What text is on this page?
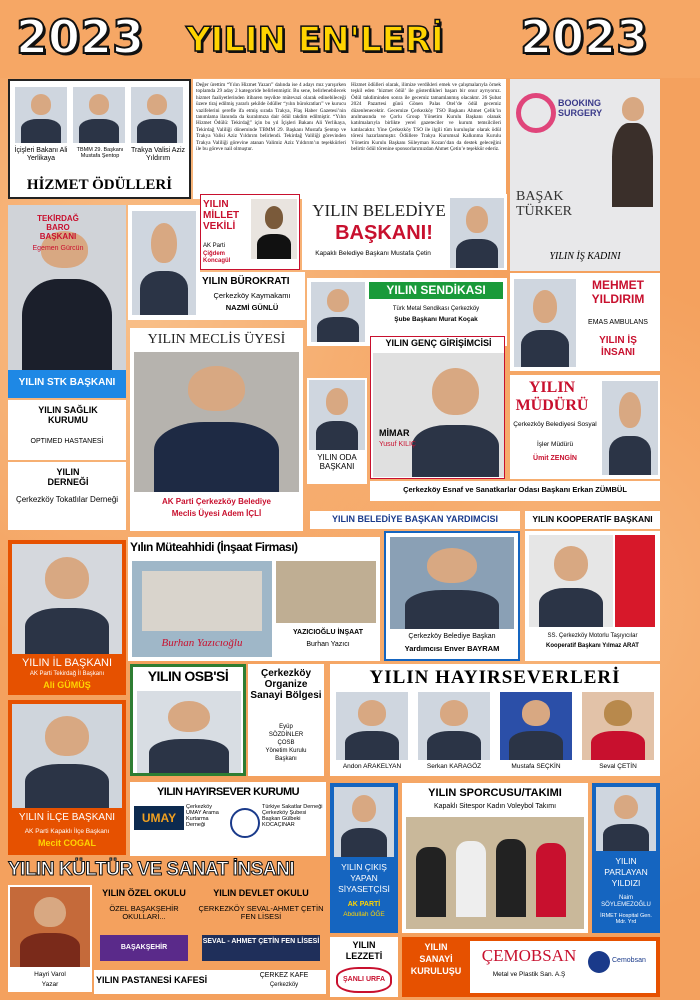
2023 YILIN EN'LERİ 2023
İçişleri Bakanı Ali Yerlikaya
TBMM 29. Başkanı Mustafa Şentop
Trakya Valisi Aziz Yıldırım
HİZMET ÖDÜLLERİ
Değer ürettim “Yılın Hizmet Yazarı” dalında ise 4 adayı mız yarışırken toplamda 29 aday 2 kategoride belirlenmiştir. Bu sene, belirlenebilecek hizmet faaliyetlerinden itibaren teşvikte mütevazi olarak edinebileceği üzere tiraj edilmiş yararlı şekilde ödüller “yılın bürokratları” ve kurucu vazifelerini şerefle ifa etmiş sırada Trakya, Flaş Haber Gazetesi’nin tanımlama ilanında da kuralımıza dair ödül takdim edilmiştir. “Yılın Hizmet Ödülü: Tekirdağ” için bu yıl İçişleri Bakanı Ali Yerlikaya, Tekirdağ Valiliği döneminde TBMM 29. Başkanı Mustafa Şentop ve Trakya Valisi Aziz Yıldırım belirlendi. Tekirdağ Valiliği görevinden Trakya Valiliği görevine atanan Valimiz Aziz Yıldırım’ın teşekkürleri ile bu göreve nail olmuştur.
Hizmet ödülleri olarak, ilimize verdikleri emek ve çalışmalarıyla örnek teşkil eden ‘hizmet ödül’ ile gösterdikleri başarı bir onur ayrıyoruz. Ödül takdiminden sonra ile gecemiz tamamlanmış olacaktır. 26 Şubat 2024 Pazartesi günü Gönen Palas Otel’de ödül gecemiz düzenlenecektir. Gecemize Çerkezköy TSO Başkanı Ahmet Çelik’in anılmasında ve Çorlu Group Yönetim Kurulu Başkanı olanak katılmalarıyla birlikte yerel gazeteciler ve kurum temsilcileri katılacaktır. Yine Çerkezköy TSO ile ilgili tüm kuruluşlar olarak ödül töreni hazırlanmıştır. Ödüllere Trakya Kurumsal Kalkınma Kurulu Yönetim Kurulu Başkanı Süleyman Kozan’dan da destek geleceğini belirtir ödül törenine sponsorlarımızdan Ahmet Çetin’e teşekkür ederiz.
BOOKING SURGERY
BAŞAK TÜRKER
YILIN İŞ KADINI
TEKİRDAĞ BARO BAŞKANI
Egemen Gürcün
YILIN STK BAŞKANI
YILIN MİLLET VEKİLİ
AK Parti
Çiğdem Koncagül
YILIN BELEDİYE
BAŞKANI!
Kapaklı Belediye Başkanı Mustafa Çetin
YILIN BÜROKRATI
Çerkezköy Kaymakamı
NAZMİ GÜNLÜ
YILIN SENDİKASI
Türk Metal Sendikası Çerkezköy
Şube Başkanı Murat Koçak
MEHMET
YILDIRIM
EMAS AMBULANS
YILIN İŞ
İNSANI
YILIN MECLİS ÜYESİ
AK Parti Çerkezköy Belediye
Meclis Üyesi Adem İÇLİ
YILIN ODA BAŞKANI
YILIN GENÇ GİRİŞİMCİSİ
MİMAR
Yusuf KILIÇ
YILIN
MÜDÜRÜ
Çerkezköy Belediyesi Sosyal
İşler Müdürü
Ümit ZENGİN
Çerkezköy Esnaf ve Sanatkarlar Odası Başkanı Erkan ZÜMBÜL
YILIN SAĞLIK KURUMU
OPTIMED HASTANESİ
YILIN DERNEĞİ
Çerkezköy Tokatlılar Derneği
Yılın Müteahhidi (İnşaat Firması)
Burhan Yazıcıoğlu
YAZICIOĞLU İNŞAAT
Burhan Yazıcı
YILIN BELEDİYE BAŞKAN YARDIMCISI
Çerkezköy Belediye Başkan
Yardımcısı Enver BAYRAM
YILIN KOOPERATİF BAŞKANI
SS. Çerkezköy Motorlu Taşıyıcılar
Kooperatif Başkanı Yılmaz ARAT
YILIN İL BAŞKANI
AK Parti Tekirdağ İl Başkanı
Ali GÜMÜŞ
YILIN OSB'Sİ	Çerkezköy Organize Sanayi Bölgesi
Eyüp
SÖZDİNLER
ÇOSB
Yönetim Kurulu
Başkanı
YILIN HAYIRSEVERLERİ
Andon ARAKELYAN	Serkan KARAGÖZ	Mustafa SEÇKİN	Seval ÇETİN
YILIN İLÇE BAŞKANI
AK Parti Kapaklı İlçe Başkanı
Mecit COGAL
YILIN HAYIRSEVER KURUMU
UMAY
Çerkezköy UMAY Arama Kurtarma Derneği
Türkiye Sakatlar Derneği Çerkezköy Şubesi Başkan Gülbeki KOCAÇINAR
YILIN ÇIKIŞ
YAPAN
SİYASETÇİSİ
AK PARTİ
Abdullah ÖĞE
YILIN SPORCUSU/TAKIMI
Kapaklı Sitespor Kadın Voleybol Takımı
YILIN
PARLAYAN
YILDIZI
Naim SÖYLEMEZOĞLU
İRMET Hospital Gen. Mdr. Yrd
YILIN KÜLTÜR VE SANAT İNSANI
Hayri Varol
Yazar
YILIN ÖZEL OKULU
ÖZEL BAŞAKŞEHİR OKULLARI...
BAŞAKŞEHİR
YILIN DEVLET OKULU
ÇERKEZKÖY SEVAL-AHMET ÇETİN FEN LİSESİ
SEVAL - AHMET ÇETİN FEN LİSESİ
YILIN PASTANESİ KAFESİ	ÇERKEZ KAFE
Çerkezköy
YILIN
LEZZETİ
ŞANLI URFA
YILIN
SANAYİ
KURULUŞU
ÇEMOBSAN
Metal ve Plastik San. A.Ş
Cemobsan
